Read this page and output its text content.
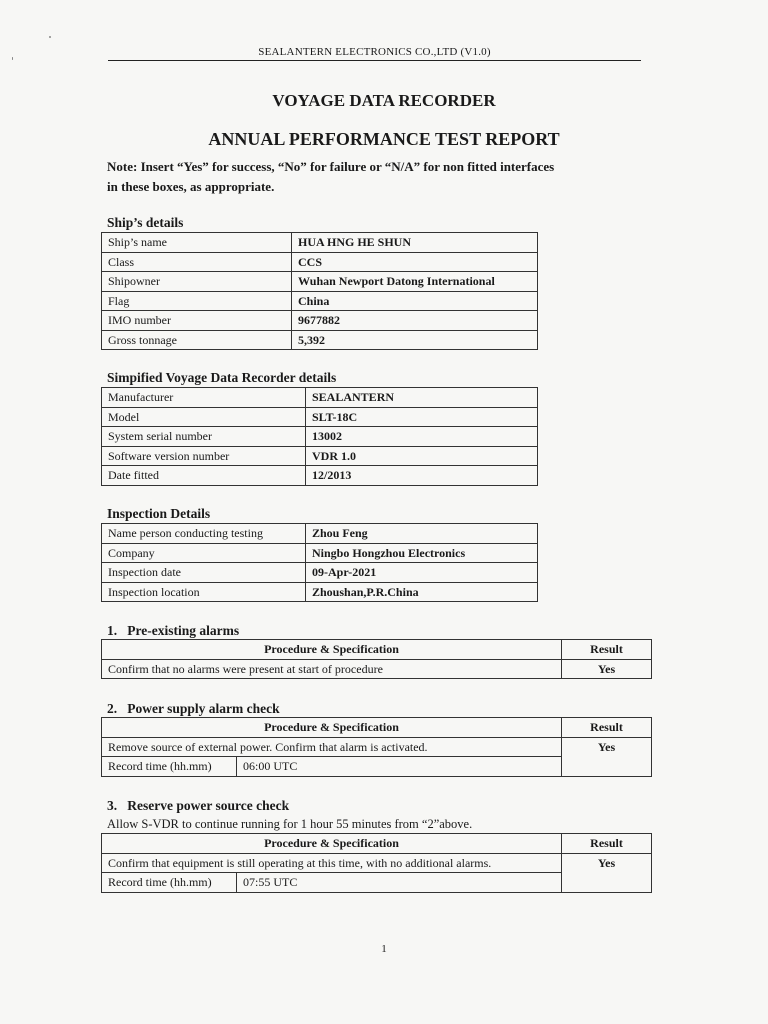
SEALANTERN ELECTRONICS CO.,LTD (V1.0)
VOYAGE DATA RECORDER
ANNUAL PERFORMANCE TEST REPORT
Note: Insert “Yes” for success, “No” for failure or “N/A” for non fitted interfaces
in these boxes, as appropriate.
Ship’s details
Ship’s name	HUA HNG HE SHUN
Class	CCS
Shipowner	Wuhan Newport Datong International
Flag	China
IMO number	9677882
Gross tonnage	5,392
Simpified Voyage Data Recorder details
Manufacturer	SEALANTERN
Model	SLT-18C
System serial number	13002
Software version number	VDR 1.0
Date fitted	12/2013
Inspection Details
Name person conducting testing	Zhou Feng
Company	Ningbo Hongzhou Electronics
Inspection date	09-Apr-2021
Inspection location	Zhoushan,P.R.China
1.   Pre-existing alarms
Procedure & Specification	Result
Confirm that no alarms were present at start of procedure	Yes
2.   Power supply alarm check
Procedure & Specification		Result
Remove source of external power. Confirm that alarm is activated.		Yes
Record time (hh.mm)	06:00 UTC	
3.   Reserve power source check
Allow S-VDR to continue running for 1 hour 55 minutes from “2”above.
Procedure & Specification		Result
Confirm that equipment is still operating at this time, with no additional alarms.		Yes
Record time (hh.mm)	07:55 UTC	
1
